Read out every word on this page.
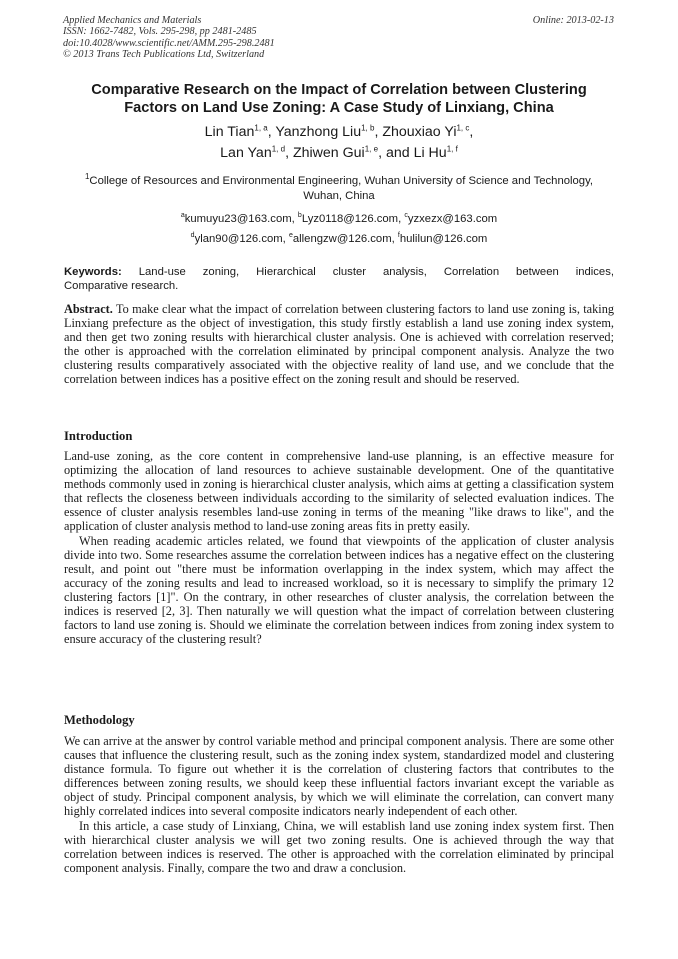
Applied Mechanics and Materials
ISSN: 1662-7482, Vols. 295-298, pp 2481-2485
doi:10.4028/www.scientific.net/AMM.295-298.2481
© 2013 Trans Tech Publications Ltd, Switzerland
Online: 2013-02-13
Comparative Research on the Impact of Correlation between Clustering
Factors on Land Use Zoning: A Case Study of Linxiang, China
Lin Tian$^{1, a}$, Yanzhong Liu$^{1, b}$, Zhouxiao Yi$^{1, c}$,
Lan Yan$^{1, d}$, Zhiwen Gui$^{1, e}$, and Li Hu$^{1, f}$
$^1$College of Resources and Environmental Engineering, Wuhan University of Science and Technology, Wuhan, China
$^a$kumuyu23@163.com, $^b$Lyz0118@126.com, $^c$yzxezx@163.com
$^d$ylan90@126.com, $^e$allengzw@126.com, $^f$hulilun@126.com
Keywords: Land-use zoning, Hierarchical cluster analysis, Correlation between indices,
Comparative research.

Abstract. To make clear what the impact of correlation between clustering factors to land use zoning is, taking Linxiang prefecture as the object of investigation, this study firstly establish a land use zoning index system, and then get two zoning results with hierarchical cluster analysis. One is achieved with correlation reserved; the other is approached with the correlation eliminated by principal component analysis. Analyze the two clustering results comparatively associated with the objective reality of land use, and we conclude that the correlation between indices has a positive effect on the zoning result and should be reserved.

Introduction

Land-use zoning, as the core content in comprehensive land-use planning, is an effective measure for optimizing the allocation of land resources to achieve sustainable development. One of the quantitative methods commonly used in zoning is hierarchical cluster analysis, which aims at getting a classification system that reflects the closeness between individuals according to the similarity of selected evaluation indices. The essence of cluster analysis resembles land-use zoning in terms of the meaning "like draws to like", and the application of cluster analysis method to land-use zoning areas fits in pretty easily.

When reading academic articles related, we found that viewpoints of the application of cluster analysis divide into two. Some researches assume the correlation between indices has a negative effect on the clustering result, and point out "there must be information overlapping in the index system, which may affect the accuracy of the zoning results and lead to increased workload, so it is necessary to simplify the primary 12 clustering factors [1]". On the contrary, in other researches of cluster analysis, the correlation between the indices is reserved [2, 3]. Then naturally we will question what the impact of correlation between clustering factors to land use zoning is. Should we eliminate the correlation between indices from zoning index system to ensure accuracy of the clustering result?

Methodology

We can arrive at the answer by control variable method and principal component analysis. There are some other causes that influence the clustering result, such as the zoning index system, standardized model and clustering distance formula. To figure out whether it is the correlation of clustering factors that contributes to the differences between zoning results, we should keep these influential factors invariant except the variable as object of study. Principal component analysis, by which we will eliminate the correlation, can convert many highly correlated indices into several composite indicators nearly independent of each other.

In this article, a case study of Linxiang, China, we will establish land use zoning index system first. Then with hierarchical cluster analysis we will get two zoning results. One is achieved through the way that correlation between indices is reserved. The other is approached with the correlation eliminated by principal component analysis. Finally, compare the two and draw a conclusion.
